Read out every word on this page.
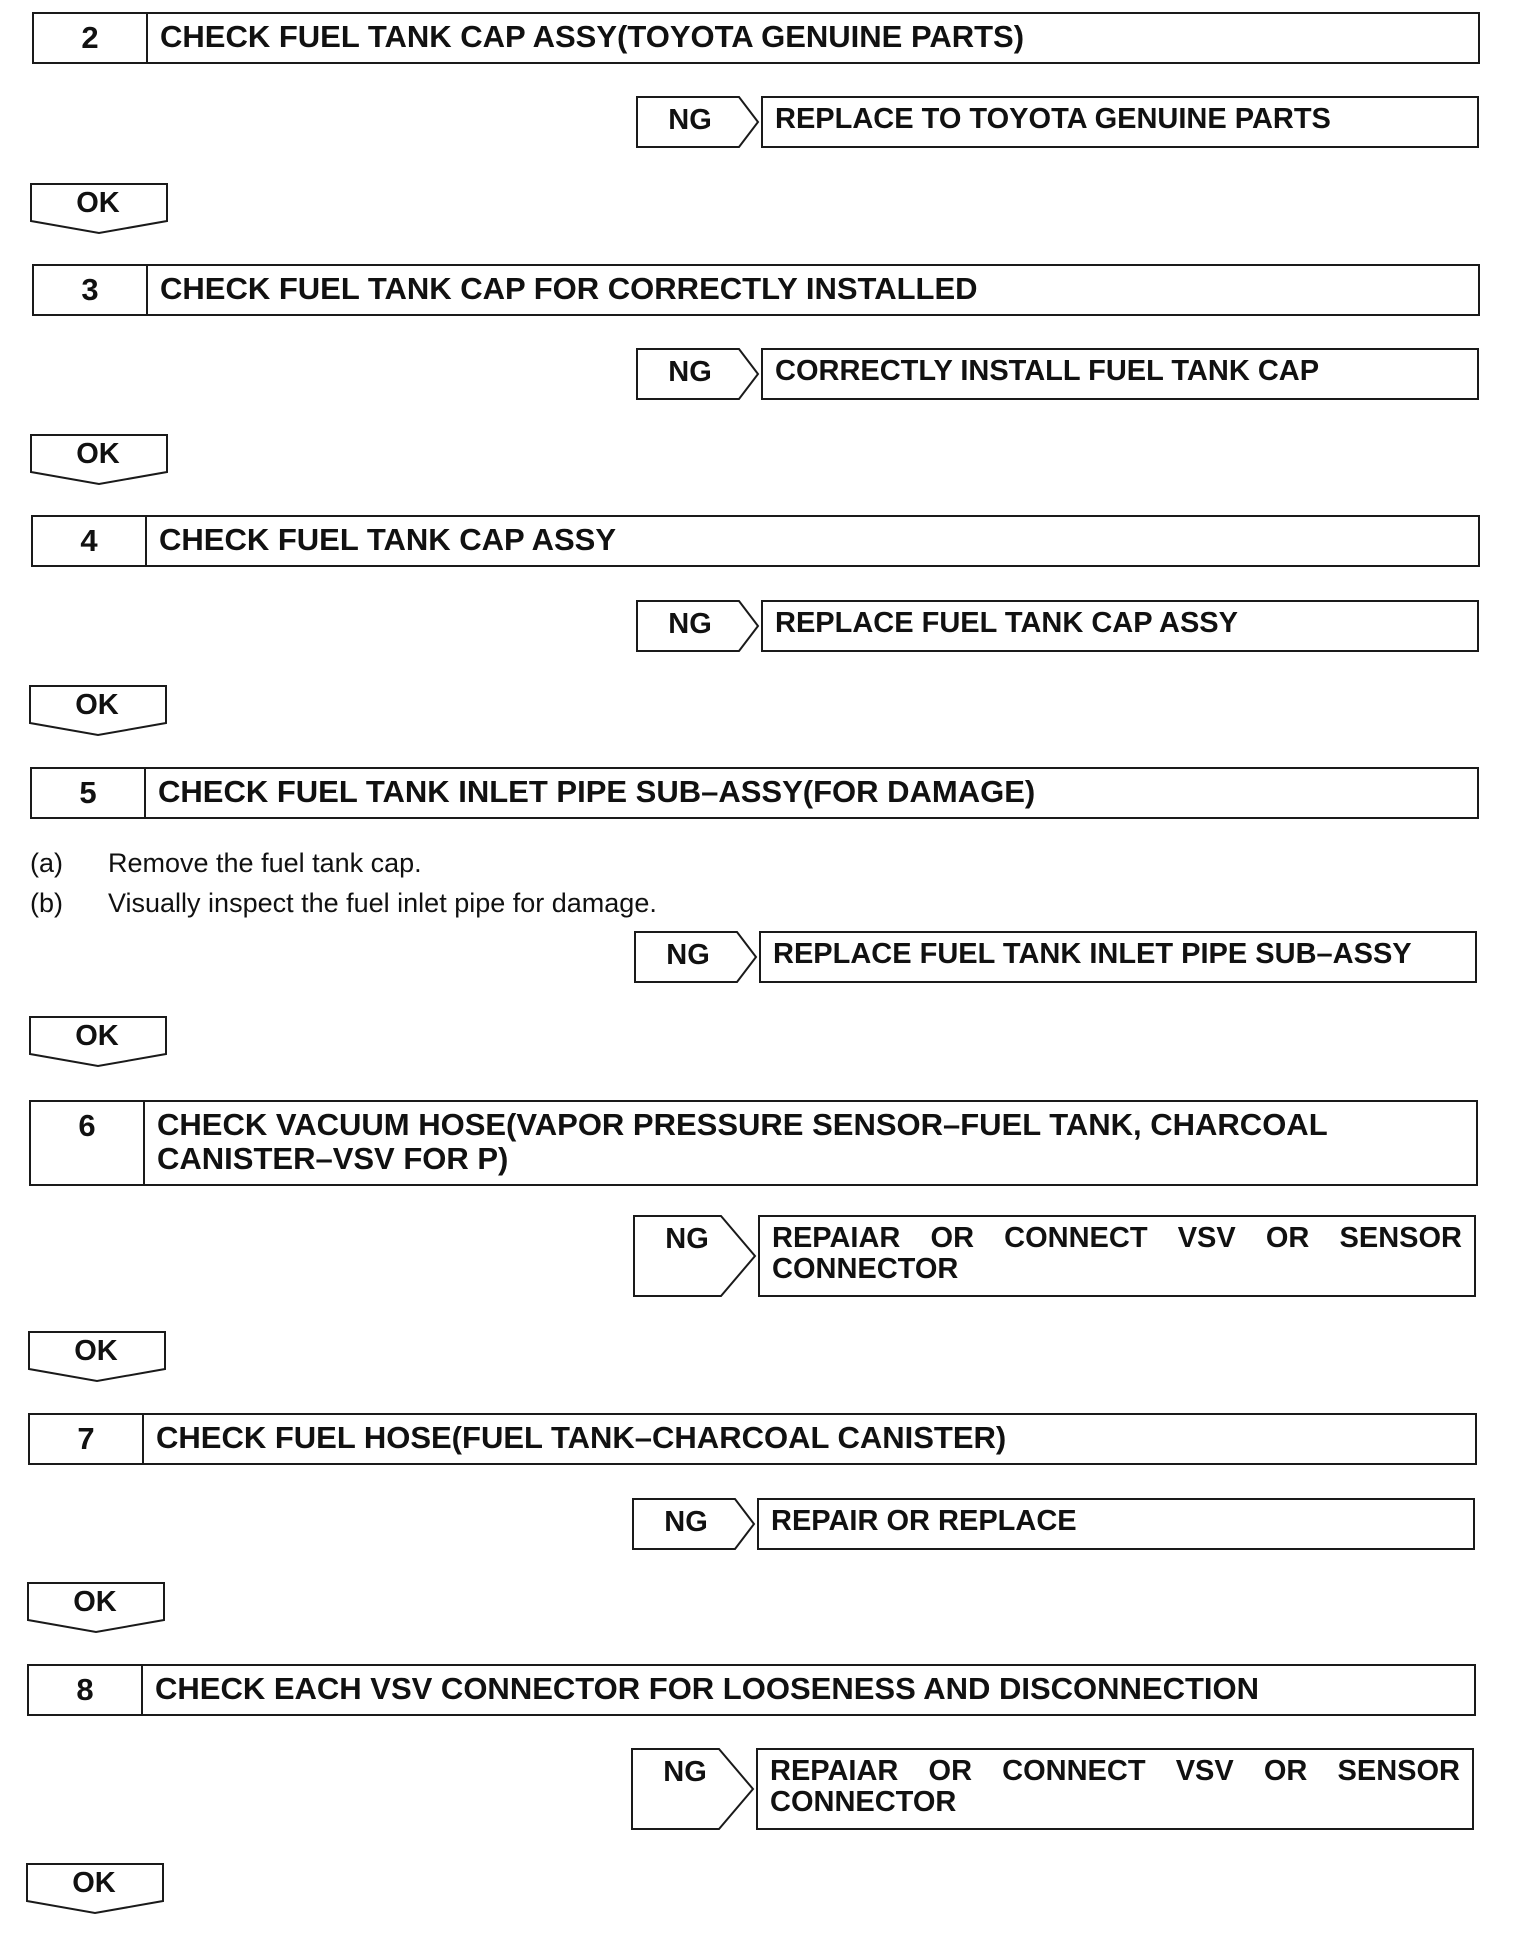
2	CHECK FUEL TANK CAP ASSY(TOYOTA GENUINE PARTS)
NG	REPLACE TO TOYOTA GENUINE PARTS
OK
3	CHECK FUEL TANK CAP FOR CORRECTLY INSTALLED
NG	CORRECTLY INSTALL FUEL TANK CAP
OK
4	CHECK FUEL TANK CAP ASSY
NG	REPLACE FUEL TANK CAP ASSY
OK
5	CHECK FUEL TANK INLET PIPE SUB–ASSY(FOR DAMAGE)
(a)	Remove the fuel tank cap.
(b)	Visually inspect the fuel inlet pipe for damage.
NG	REPLACE FUEL TANK INLET PIPE SUB–ASSY
OK
6	CHECK VACUUM HOSE(VAPOR PRESSURE SENSOR–FUEL TANK, CHARCOAL CANISTER–VSV FOR P)
NG	REPAIAR OR CONNECT VSV OR SENSOR CONNECTOR
OK
7	CHECK FUEL HOSE(FUEL TANK–CHARCOAL CANISTER)
NG	REPAIR OR REPLACE
OK
8	CHECK EACH VSV CONNECTOR FOR LOOSENESS AND DISCONNECTION
NG	REPAIAR OR CONNECT VSV OR SENSOR CONNECTOR
OK
